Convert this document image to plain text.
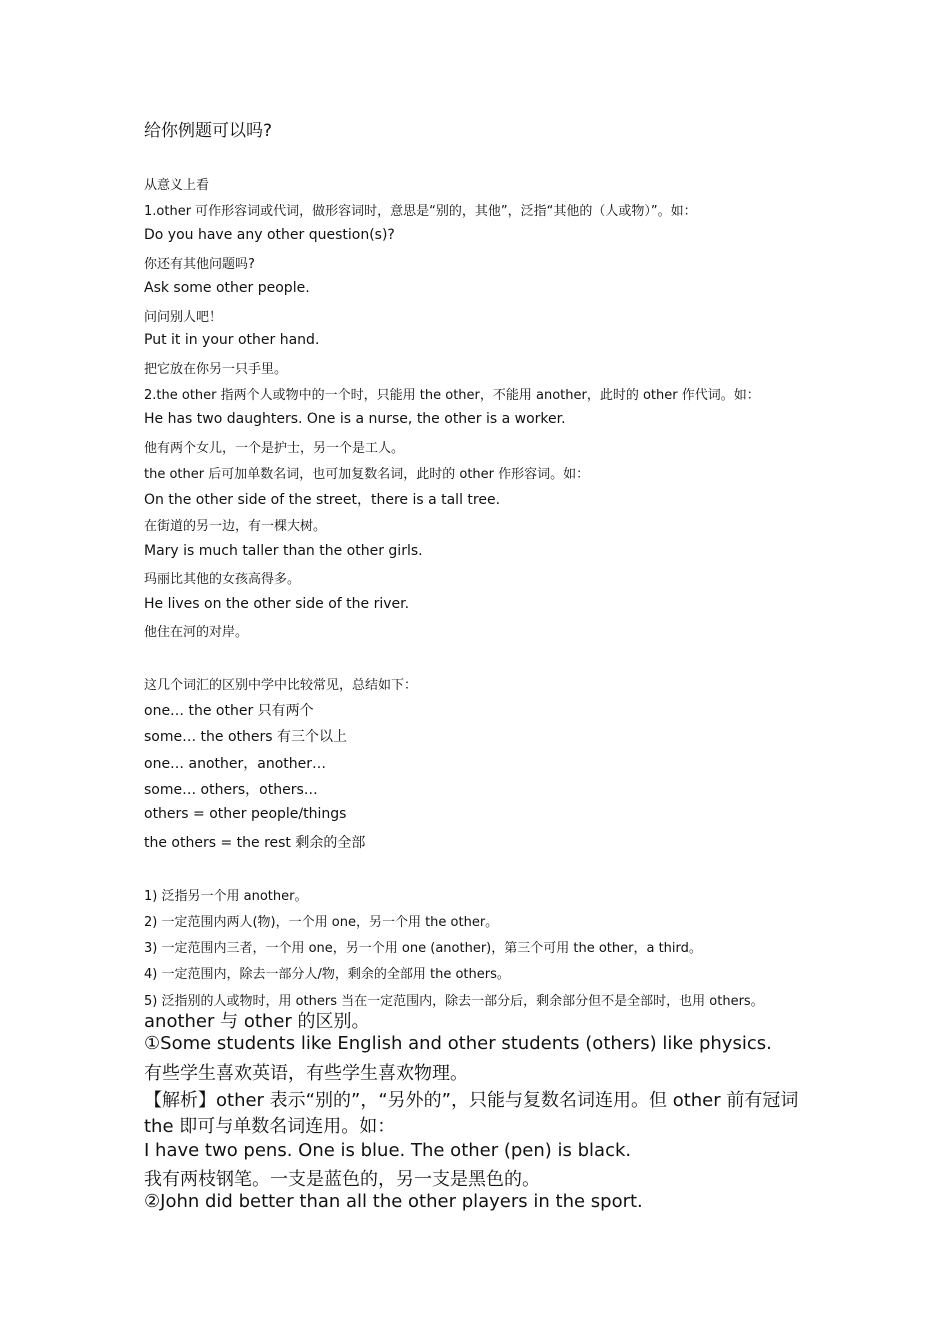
给你例题可以吗?

从意义上看

1.other 可作形容词或代词，做形容词时，意思是“别的，其他”，泛指“其他的（人或物）”。如：

Do you have any other question(s)?

你还有其他问题吗?

Ask some other people.

问问别人吧！

Put it in your other hand.

把它放在你另一只手里。

2.the other 指两个人或物中的一个时，只能用 the other，不能用 another，此时的 other 作代词。如：

He has two daughters. One is a nurse, the other is a worker.

他有两个女儿，一个是护士，另一个是工人。

the other 后可加单数名词，也可加复数名词，此时的 other 作形容词。如：

On the other side of the street，there is a tall tree.

在街道的另一边，有一棵大树。

Mary is much taller than the other girls.

玛丽比其他的女孩高得多。

He lives on the other side of the river.

他住在河的对岸。

这几个词汇的区别中学中比较常见，总结如下：

one… the other 只有两个

some… the others 有三个以上

one… another，another…

some… others，others…

others = other people/things

the others = the rest 剩余的全部

1) 泛指另一个用 another。

2) 一定范围内两人(物)，一个用 one，另一个用 the other。

3) 一定范围内三者，一个用 one，另一个用 one (another)，第三个可用 the other，a third。

4) 一定范围内，除去一部分人/物，剩余的全部用 the others。

5) 泛指别的人或物时，用 others 当在一定范围内，除去一部分后，剩余部分但不是全部时，也用 others。

another 与 other 的区别。

①Some students like English and other students (others) like physics.

有些学生喜欢英语，有些学生喜欢物理。

【解析】other 表示“别的”，“另外的”，只能与复数名词连用。但 other 前有冠词

the 即可与单数名词连用。如：

I have two pens. One is blue. The other (pen) is black.

我有两枝钢笔。一支是蓝色的，另一支是黑色的。

②John did better than all the other players in the sport.
